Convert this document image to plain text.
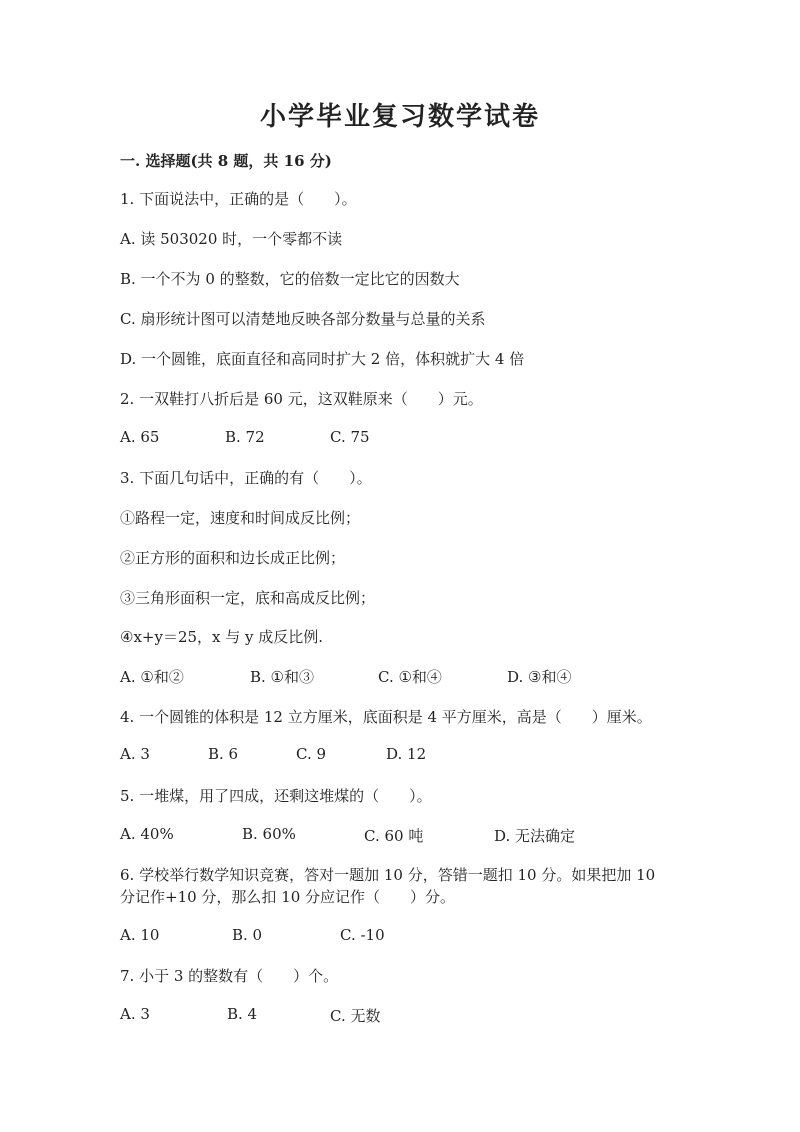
小学毕业复习数学试卷
一. 选择题(共 8 题，共 16 分)
1. 下面说法中，正确的是（　　）。
A. 读 503020 时，一个零都不读
B. 一个不为 0 的整数，它的倍数一定比它的因数大
C. 扇形统计图可以清楚地反映各部分数量与总量的关系
D. 一个圆锥，底面直径和高同时扩大 2 倍，体积就扩大 4 倍
2. 一双鞋打八折后是 60 元，这双鞋原来（　　）元。
A. 65	B. 72	C. 75
3. 下面几句话中，正确的有（　　）。
①路程一定，速度和时间成反比例；
②正方形的面积和边长成正比例；
③三角形面积一定，底和高成反比例；
④x+y＝25，x 与 y 成反比例.
A. ①和②	B. ①和③	C. ①和④	D. ③和④
4. 一个圆锥的体积是 12 立方厘米，底面积是 4 平方厘米，高是（　　）厘米。
A. 3	B. 6	C. 9	D. 12
5. 一堆煤，用了四成，还剩这堆煤的（　　）。
A. 40%	B. 60%	C. 60 吨	D. 无法确定
6. 学校举行数学知识竞赛，答对一题加 10 分，答错一题扣 10 分。如果把加 10
分记作+10 分，那么扣 10 分应记作（　　）分。
A. 10	B. 0	C. -10
7. 小于 3 的整数有（　　）个。
A. 3	B. 4	C. 无数
